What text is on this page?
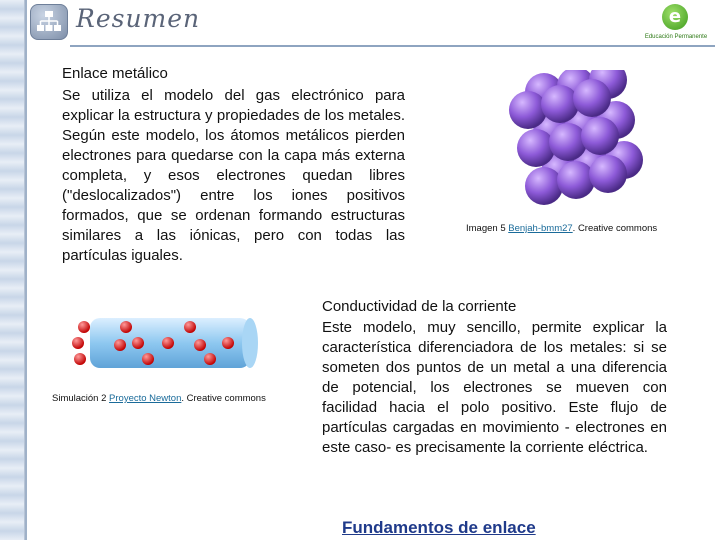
Resumen	e
Educación Permanente
Enlace metálico
Se utiliza el modelo del gas electrónico para explicar la estructura y propiedades de los metales. Según este modelo, los átomos metálicos pierden electrones para quedarse con la capa más externa completa, y esos electrones quedan libres ("deslocalizados") entre los iones positivos formados, que se ordenan formando estructuras similares a las iónicas, pero con todas las partículas iguales.
Imagen 5 Benjah-bmm27. Creative commons
Simulación 2 Proyecto Newton. Creative commons
Conductividad de la corriente
Este modelo, muy sencillo, permite explicar la característica diferenciadora de los metales: si se someten dos puntos de un metal a una diferencia de potencial, los electrones se mueven con facilidad hacia el polo positivo. Este flujo de partículas cargadas en movimiento - electrones en este caso- es precisamente la corriente eléctrica.
Fundamentos de enlace
